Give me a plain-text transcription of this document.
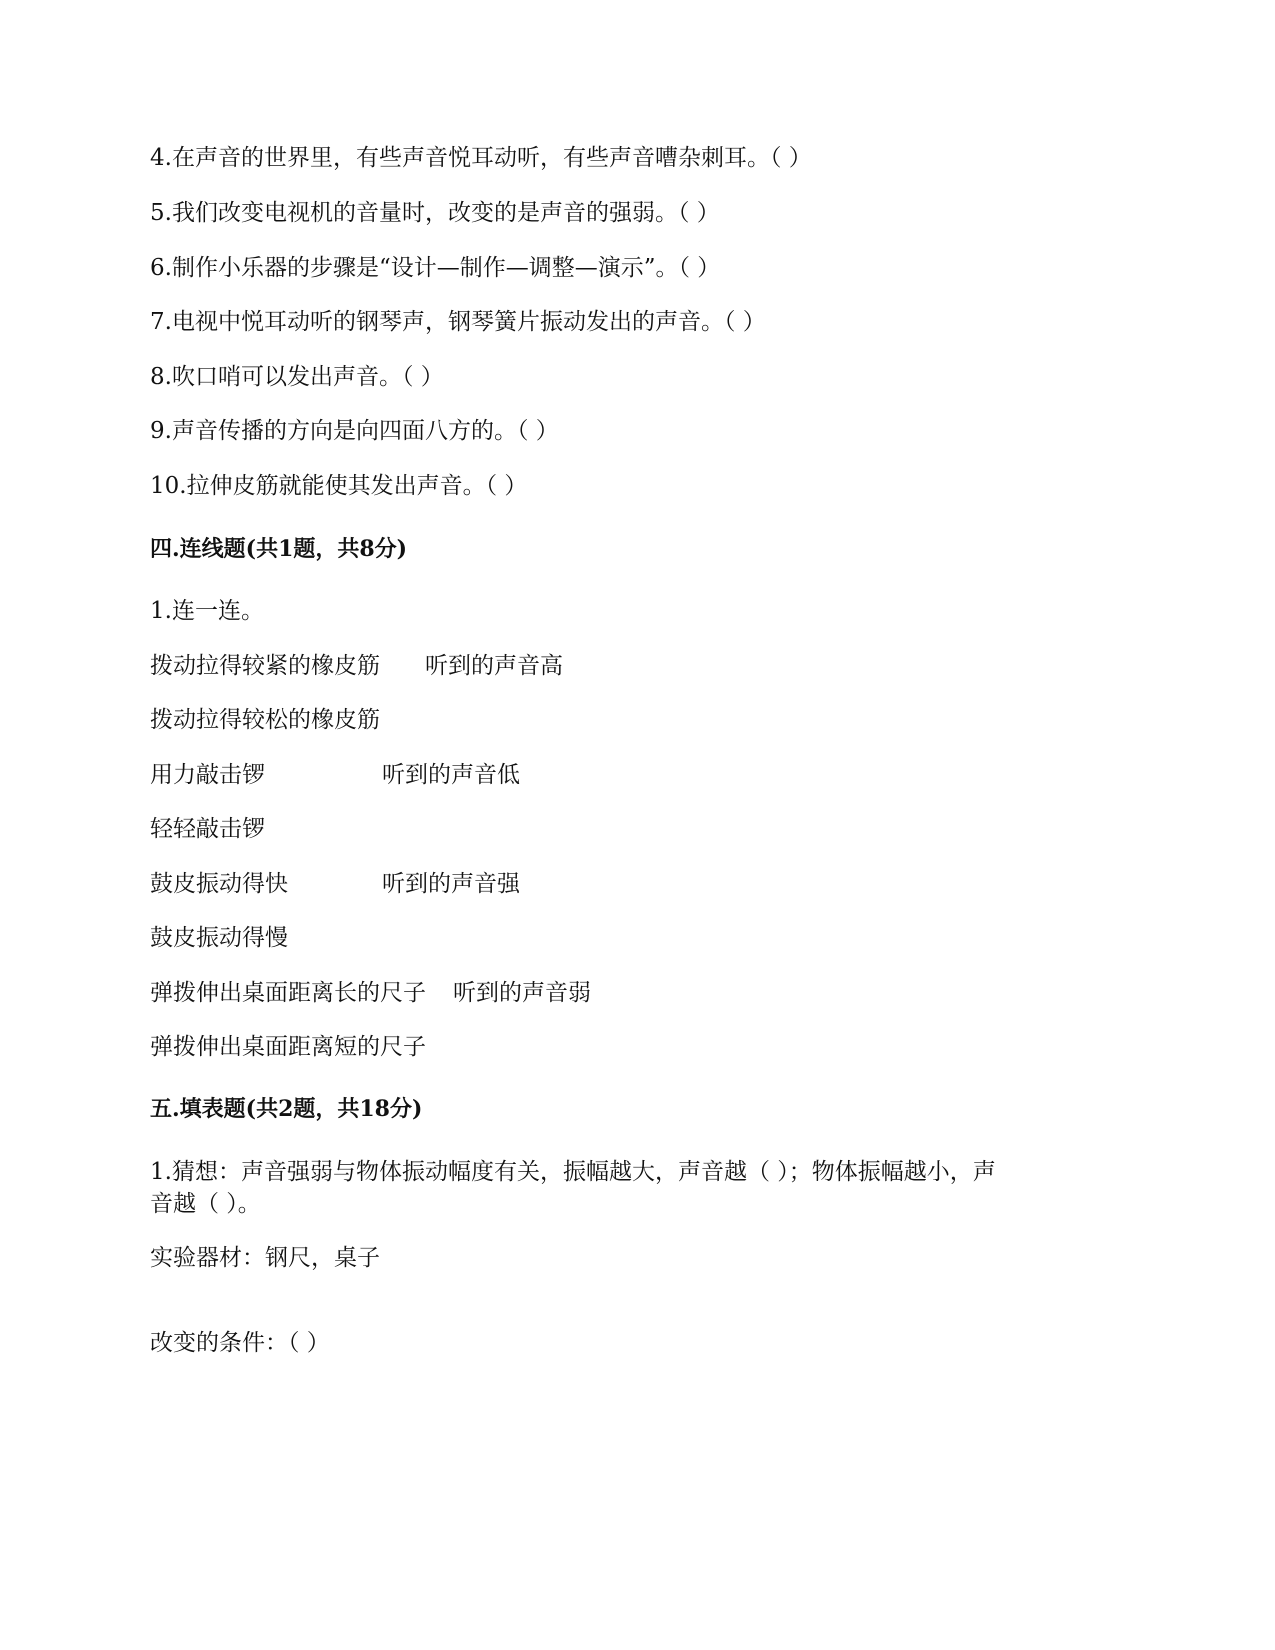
4.在声音的世界里，有些声音悦耳动听，有些声音嘈杂刺耳。（ ）
5.我们改变电视机的音量时，改变的是声音的强弱。（ ）
6.制作小乐器的步骤是“设计—制作—调整—演示”。（ ）
7.电视中悦耳动听的钢琴声，钢琴簧片振动发出的声音。（ ）
8.吹口哨可以发出声音。（ ）
9.声音传播的方向是向四面八方的。（ ）
10.拉伸皮筋就能使其发出声音。（ ）
四.连线题(共1题，共8分)
1.连一连。
拨动拉得较紧的橡皮筋 听到的声音高
拨动拉得较松的橡皮筋
用力敲击锣	听到的声音低
轻轻敲击锣
鼓皮振动得快	听到的声音强
鼓皮振动得慢
弹拨伸出桌面距离长的尺子 听到的声音弱
弹拨伸出桌面距离短的尺子
五.填表题(共2题，共18分)
1.猜想：声音强弱与物体振动幅度有关，振幅越大，声音越（ ）；物体振幅越小，声
音越（ ）。
实验器材：钢尺，桌子
改变的条件：（ ）
